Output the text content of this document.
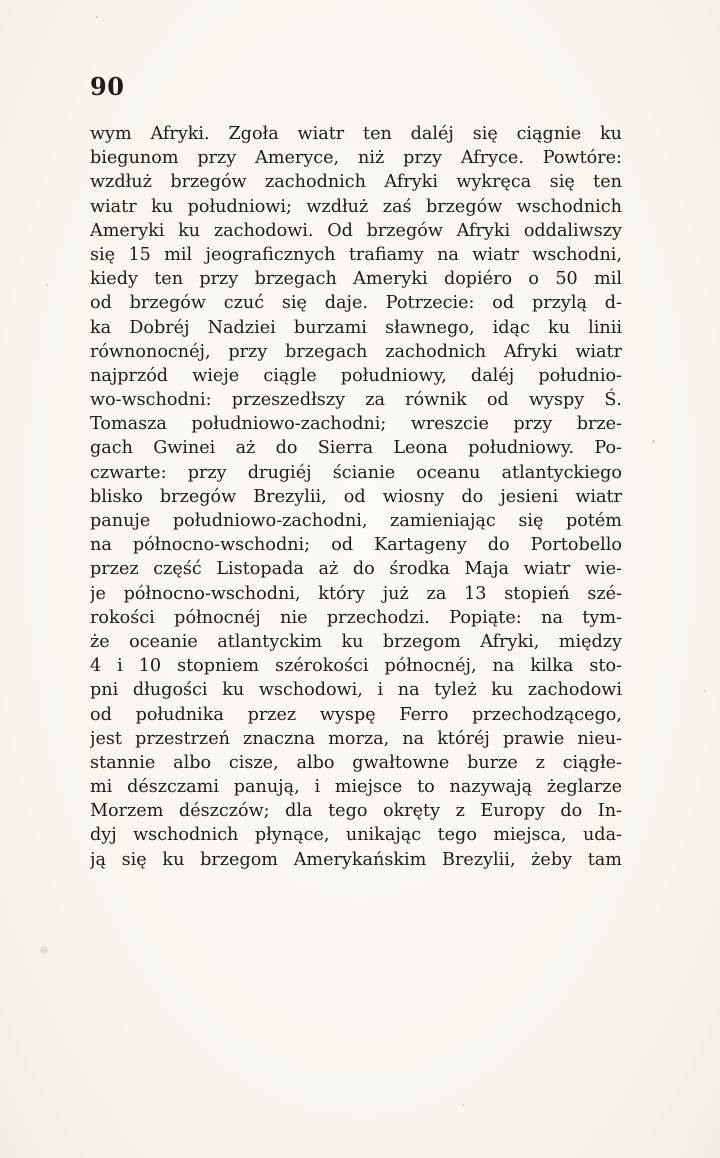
90
wym Afryki. Zgoła wiatr ten daléj się ciągnie ku
biegunom przy Ameryce, niż przy Afryce. Powtóre:
wzdłuż brzegów zachodnich Afryki wykręca się ten
wiatr ku południowi; wzdłuż zaś brzegów wschodnich
Ameryki ku zachodowi. Od brzegów Afryki oddaliwszy
się 15 mil jeograficznych trafiamy na wiatr wschodni,
kiedy ten przy brzegach Ameryki dopiéro o 50 mil
od brzegów czuć się daje. Potrzecie: od przylą d-
ka Dobréj Nadziei burzami sławnego, idąc ku linii
równonocnéj, przy brzegach zachodnich Afryki wiatr
najprzód wieje ciągle południowy, daléj południo-
wo-wschodni: przeszedłszy za równik od wyspy Ś.
Tomasza południowo-zachodni; wreszcie przy brze-
gach Gwinei aż do Sierra Leona południowy. Po-
czwarte: przy drugiéj ścianie oceanu atlantyckiego
blisko brzegów Brezylii, od wiosny do jesieni wiatr
panuje południowo-zachodni, zamieniając się potém
na północno-wschodni; od Kartageny do Portobello
przez część Listopada aż do środka Maja wiatr wie-
je północno-wschodni, który już za 13 stopień szé-
rokości północnéj nie przechodzi. Popiąte: na tym-
że oceanie atlantyckim ku brzegom Afryki, między
4 i 10 stopniem szérokości północnéj, na kilka sto-
pni długości ku wschodowi, i na tyleż ku zachodowi
od południka przez wyspę Ferro przechodzącego,
jest przestrzeń znaczna morza, na któréj prawie nieu-
stannie albo cisze, albo gwałtowne burze z ciągłe-
mi dészczami panują, i miejsce to nazywają żeglarze
Morzem dészczów; dla tego okręty z Europy do In-
dyj wschodnich płynące, unikając tego miejsca, uda-
ją się ku brzegom Amerykańskim Brezylii, żeby tam
